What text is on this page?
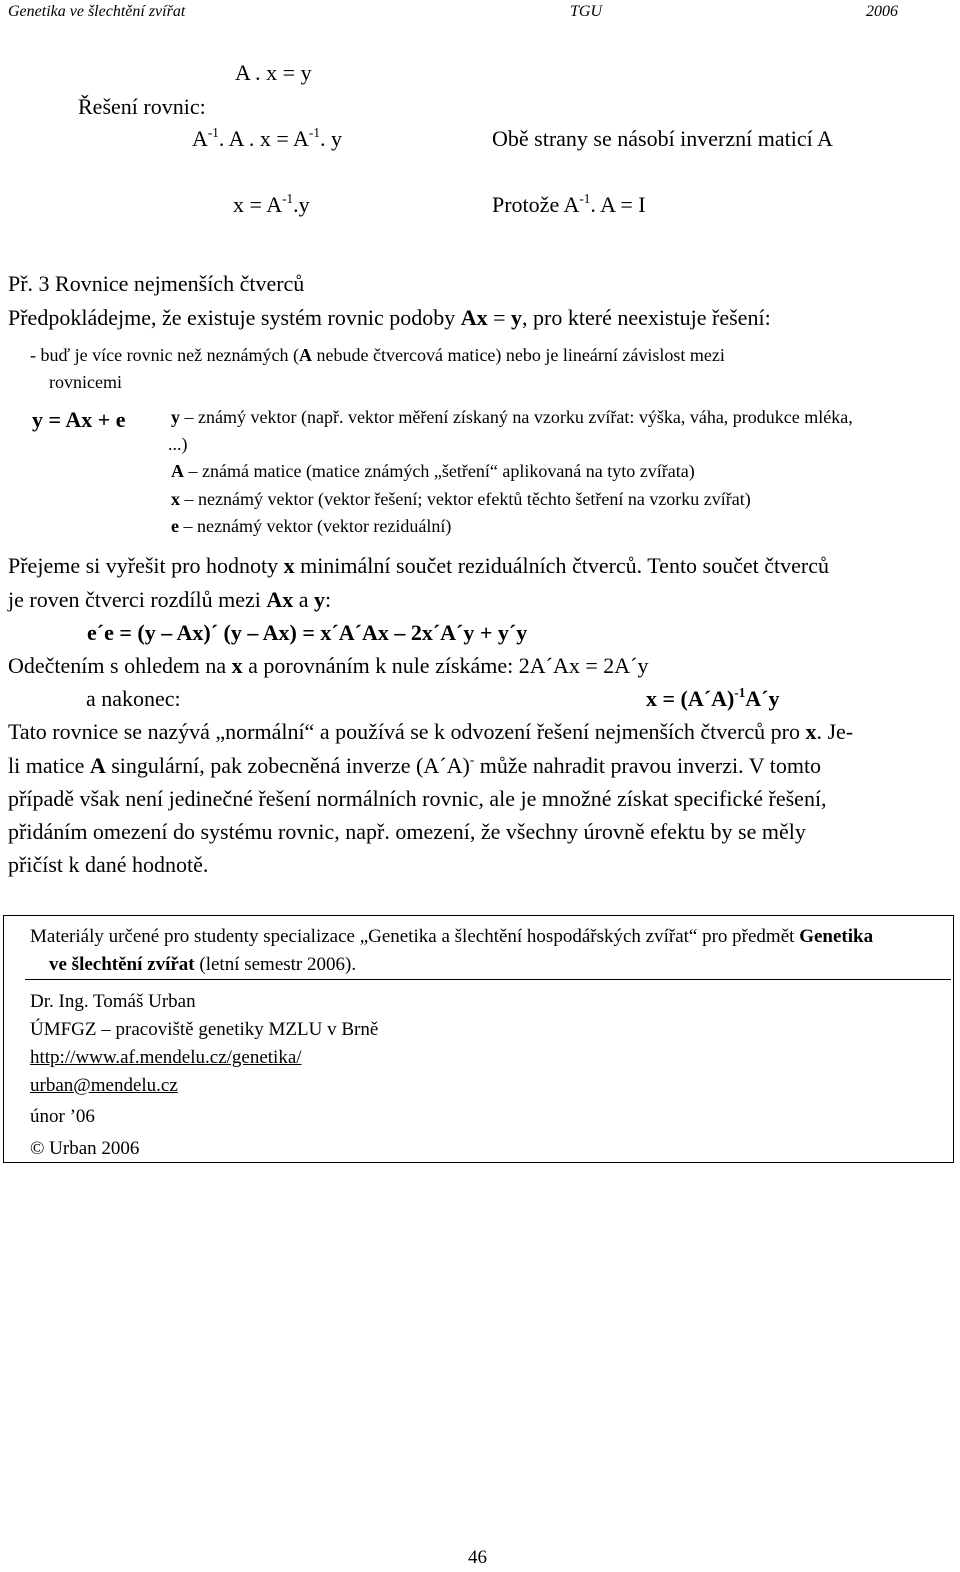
Genetika ve šlechtění zvířat	TGU	2006
A . x = y
Řešení rovnic:
$A^{-1}$. A . $x = A^{-1}$. y	Obě strany se násobí inverzní maticí A
$x = A^{-1}.y$	Protože $A^{-1}$. A = I
Př. 3 Rovnice nejmenších čtverců
Předpokládejme, že existuje systém rovnic podoby Ax = y, pro které neexistuje řešení:
- buď je více rovnic než neznámých (A nebude čtvercová matice) nebo je lineární závislost mezi
rovnicemi
y = Ax + e	y – známý vektor (např. vektor měření získaný na vzorku zvířat: výška, váha, produkce mléka,
...)
A – známá matice (matice známých „šetření“ aplikovaná na tyto zvířata)
x – neznámý vektor (vektor řešení; vektor efektů těchto šetření na vzorku zvířat)
e – neznámý vektor (vektor reziduální)
Přejeme si vyřešit pro hodnoty x minimální součet reziduálních čtverců. Tento součet čtverců
je roven čtverci rozdílů mezi Ax a y:
e´e = (y – Ax)´ (y – Ax) = x´A´Ax – 2x´A´y + y´y
Odečtením s ohledem na x a porovnáním k nule získáme: 2A´Ax = 2A´y
a nakonec:	x = (A´A)$^{-1}$A´y
Tato rovnice se nazývá „normální“ a používá se k odvození řešení nejmenších čtverců pro x. Je-
li matice A singulární, pak zobecněná inverze (A´A)- může nahradit pravou inverzi. V tomto
případě však není jedinečné řešení normálních rovnic, ale je množné získat specifické řešení,
přidáním omezení do systému rovnic, např. omezení, že všechny úrovně efektu by se měly
přičíst k dané hodnotě.
Materiály určené pro studenty specializace „Genetika a šlechtění hospodářských zvířat“ pro předmět Genetika
ve šlechtění zvířat (letní semestr 2006).
Dr. Ing. Tomáš Urban
ÚMFGZ – pracoviště genetiky MZLU v Brně
http://www.af.mendelu.cz/genetika/
urban@mendelu.cz
únor ’06
© Urban 2006
46
